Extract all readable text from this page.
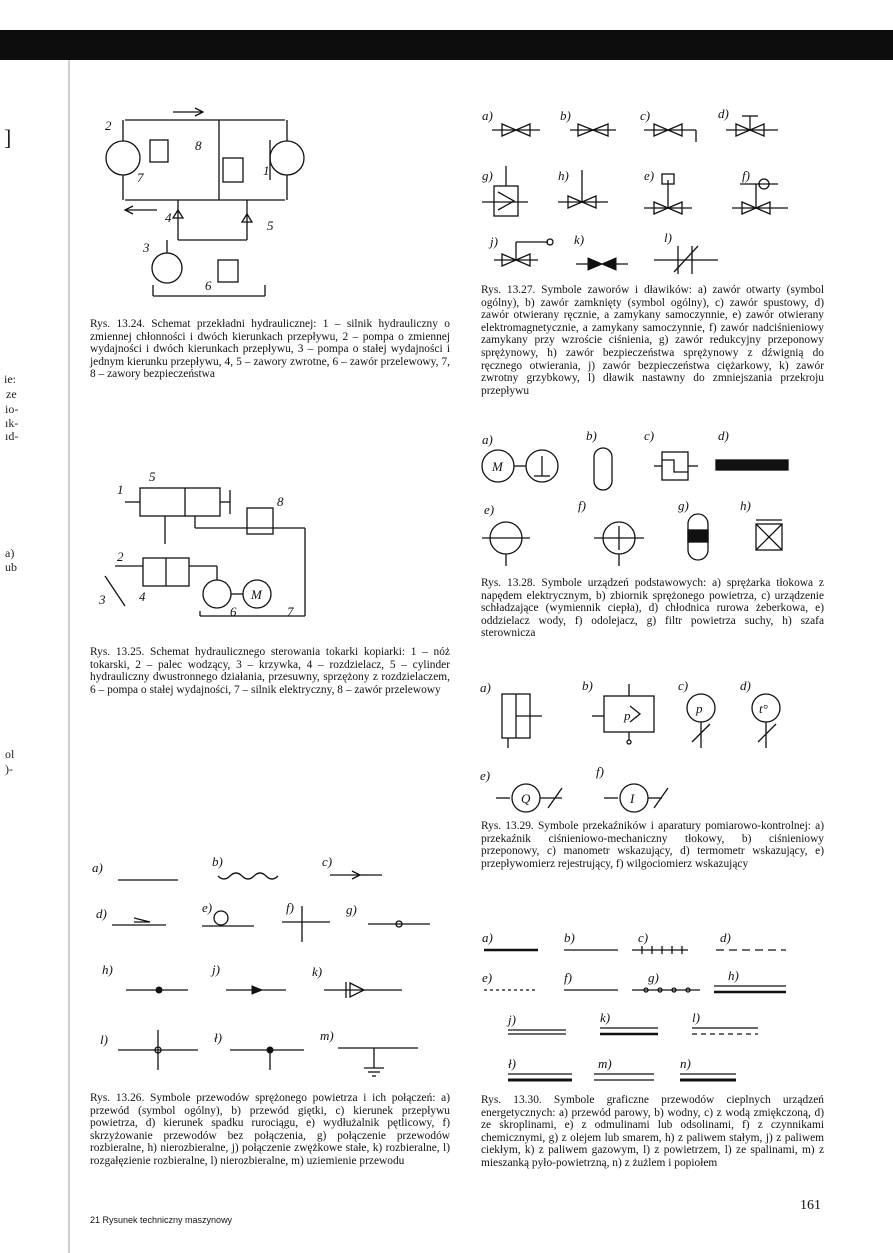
]
ie:
ze
io-
ık-
ıd-
a)
ub
ol
)-
2
8
1
7
4
5
3
6
Rys. 13.24. Schemat przekładni hydraulicznej: 1 – silnik hydrauliczny o zmiennej chłonności i dwóch kierunkach przepływu, 2 – pompa o zmiennej wydajności i dwóch kierunkach przepływu, 3 – pompa o stałej wydajności i jednym kierunku przepływu, 4, 5 – zawory zwrotne, 6 – zawór przelewowy, 7, 8 – zawory bezpieczeństwa
1
5
8
2
3	4
6	7
M
Rys. 13.25. Schemat hydraulicznego sterowania tokarki kopiarki: 1 – nóż tokarski, 2 – palec wodzący, 3 – krzywka, 4 – rozdzielacz, 5 – cylinder hydrauliczny dwustronnego działania, przesuwny, sprzężony z rozdzielaczem, 6 – pompa o stałej wydajności, 7 – silnik elektryczny, 8 – zawór przelewowy
a)	b)	c)
d)	e)	f)	g)
h)	j)	k)
l)	ł)	m)
Rys. 13.26. Symbole przewodów sprężonego powietrza i ich połączeń: a) przewód (symbol ogólny), b) przewód giętki, c) kierunek przepływu powietrza, d) kierunek spadku rurociągu, e) wydłużalnik pętlicowy, f) skrzyżowanie przewodów bez połączenia, g) połączenie przewodów rozbieralne, h) nierozbieralne, j) połączenie zwężkowe stałe, k) rozbieralne, l) rozgałęzienie rozbieralne, l) nierozbieralne, m) uziemienie przewodu
a)	b)	c)	d)
g)	h)	e)	f)
j)	k)	l)
Rys. 13.27. Symbole zaworów i dławików: a) zawór otwarty (symbol ogólny), b) zawór zamknięty (symbol ogólny), c) zawór spustowy, d) zawór otwierany ręcznie, a zamykany samoczynnie, e) zawór otwierany elektromagnetycznie, a zamykany samoczynnie, f) zawór nadciśnieniowy zamykany przy wzroście ciśnienia, g) zawór redukcyjny przeponowy sprężynowy, h) zawór bezpieczeństwa sprężynowy z dźwignią do ręcznego otwierania, j) zawór bezpieczeństwa ciężarkowy, k) zawór zwrotny grzybkowy, l) dławik nastawny do zmniejszania przekroju przepływu
a)	b)	c)	d)
e)	f)	g)	h)
M
Rys. 13.28. Symbole urządzeń podstawowych: a) sprężarka tłokowa z napędem elektrycznym, b) zbiornik sprężonego powietrza, c) urządzenie schładzające (wymiennik ciepła), d) chłodnica rurowa żeberkowa, e) oddzielacz wody, f) odolejacz, g) filtr powietrza suchy, h) szafa sterownicza
a)	b)	c)	d)
e)	f)
p	p	t°
Q	I
Rys. 13.29. Symbole przekaźników i aparatury pomiarowo-kontrolnej: a) przekaźnik ciśnieniowo-mechaniczny tłokowy, b) ciśnieniowy przeponowy, c) manometr wskazujący, d) termometr wskazujący, e) przepływomierz rejestrujący, f) wilgociomierz wskazujący
a)	b)	c)	d)
e)	f)	g)	h)
j)	k)	l)
ł)	m)	n)
Rys. 13.30. Symbole graficzne przewodów cieplnych urządzeń energetycznych: a) przewód parowy, b) wodny, c) z wodą zmiękczoną, d) ze skroplinami, e) z odmulinami lub odsolinami, f) z czynnikami chemicznymi, g) z olejem lub smarem, h) z paliwem stałym, j) z paliwem ciekłym, k) z paliwem gazowym, l) z powietrzem, l) ze spalinami, m) z mieszanką pyło-powietrzną, n) z żużlem i popiołem
21 Rysunek techniczny maszynowy
161
